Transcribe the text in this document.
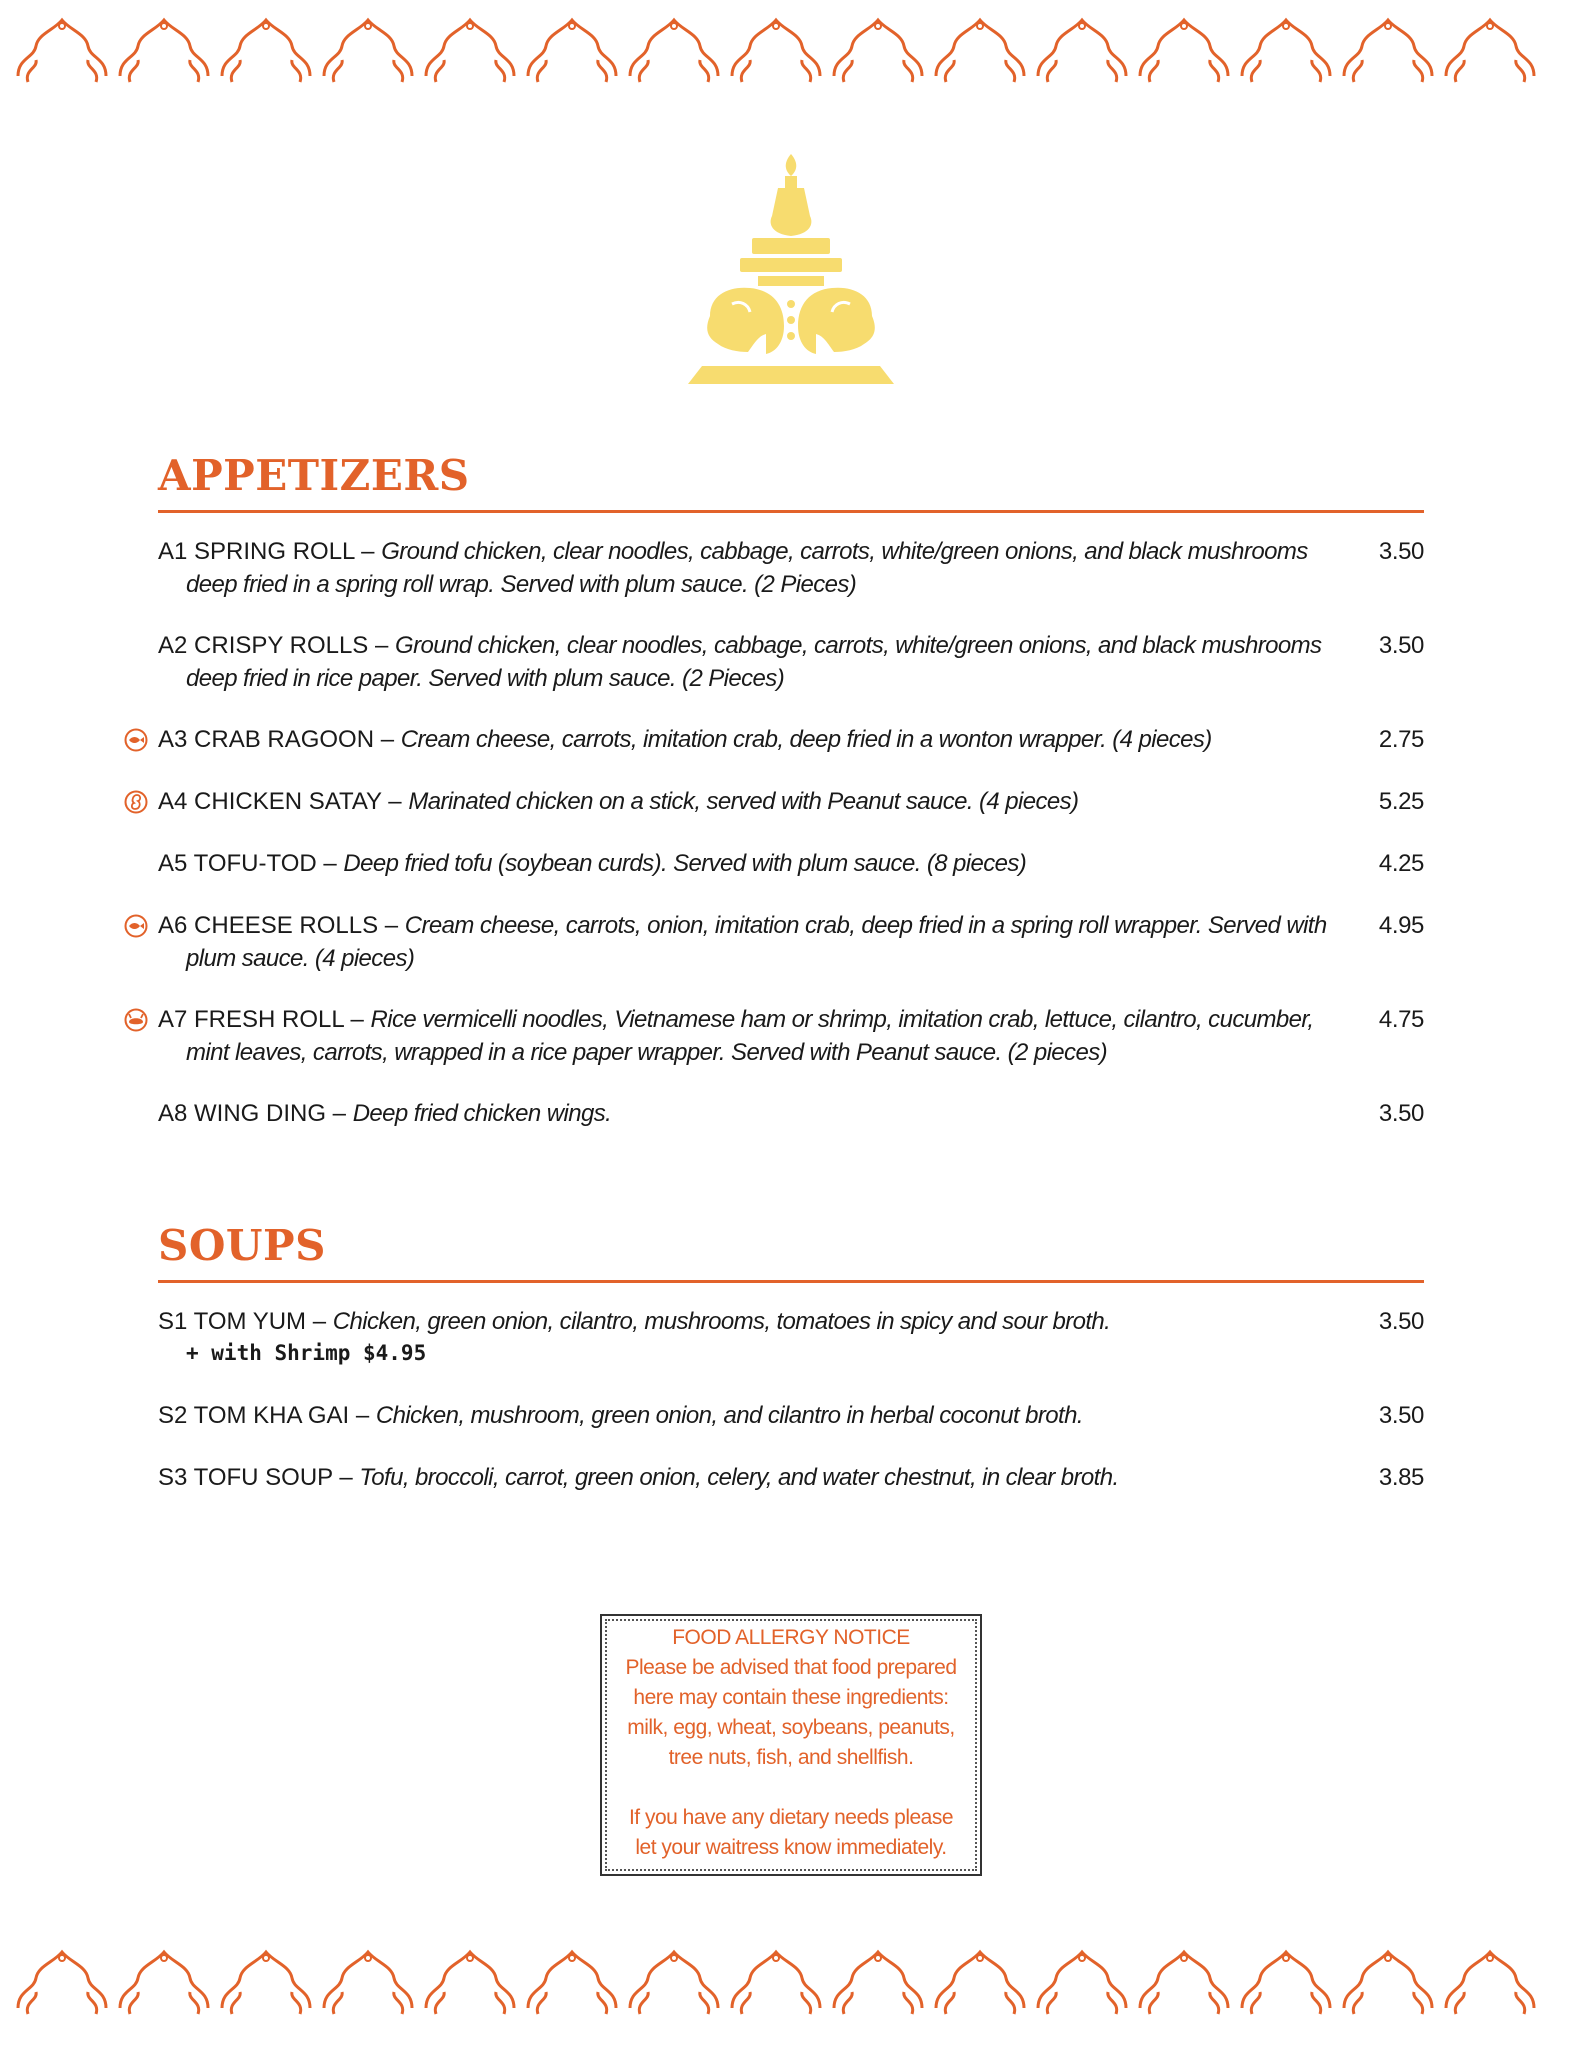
APPETIZERS
A1 SPRING ROLL – Ground chicken, clear noodles, cabbage, carrots, white/green onions, and black mushrooms deep fried in a spring roll wrap. Served with plum sauce. (2 Pieces)
3.50
A2 CRISPY ROLLS – Ground chicken, clear noodles, cabbage, carrots, white/green onions, and black mushrooms deep fried in rice paper. Served with plum sauce. (2 Pieces)
3.50
A3 CRAB RAGOON – Cream cheese, carrots, imitation crab, deep fried in a wonton wrapper. (4 pieces)	2.75
A4 CHICKEN SATAY – Marinated chicken on a stick, served with Peanut sauce. (4 pieces)	5.25
A5 TOFU-TOD – Deep fried tofu (soybean curds). Served with plum sauce. (8 pieces)	4.25
A6 CHEESE ROLLS – Cream cheese, carrots, onion, imitation crab, deep fried in a spring roll wrapper. Served with plum sauce. (4 pieces)
4.95
A7 FRESH ROLL – Rice vermicelli noodles, Vietnamese ham or shrimp, imitation crab, lettuce, cilantro, cucumber, mint leaves, carrots, wrapped in a rice paper wrapper. Served with Peanut sauce. (2 pieces)
4.75
A8 WING DING – Deep fried chicken wings.	3.50
SOUPS
S1 TOM YUM – Chicken, green onion, cilantro, mushrooms, tomatoes in spicy and sour broth.
+ with Shrimp $4.95
3.50
S2 TOM KHA GAI – Chicken, mushroom, green onion, and cilantro in herbal coconut broth.	3.50
S3 TOFU SOUP – Tofu, broccoli, carrot, green onion, celery, and water chestnut, in clear broth.	3.85

FOOD ALLERGY NOTICE

Please be advised that food prepared

here may contain these ingredients:

milk, egg, wheat, soybeans, peanuts,

tree nuts, fish, and shellfish.

If you have any dietary needs please

let your waitress know immediately.
